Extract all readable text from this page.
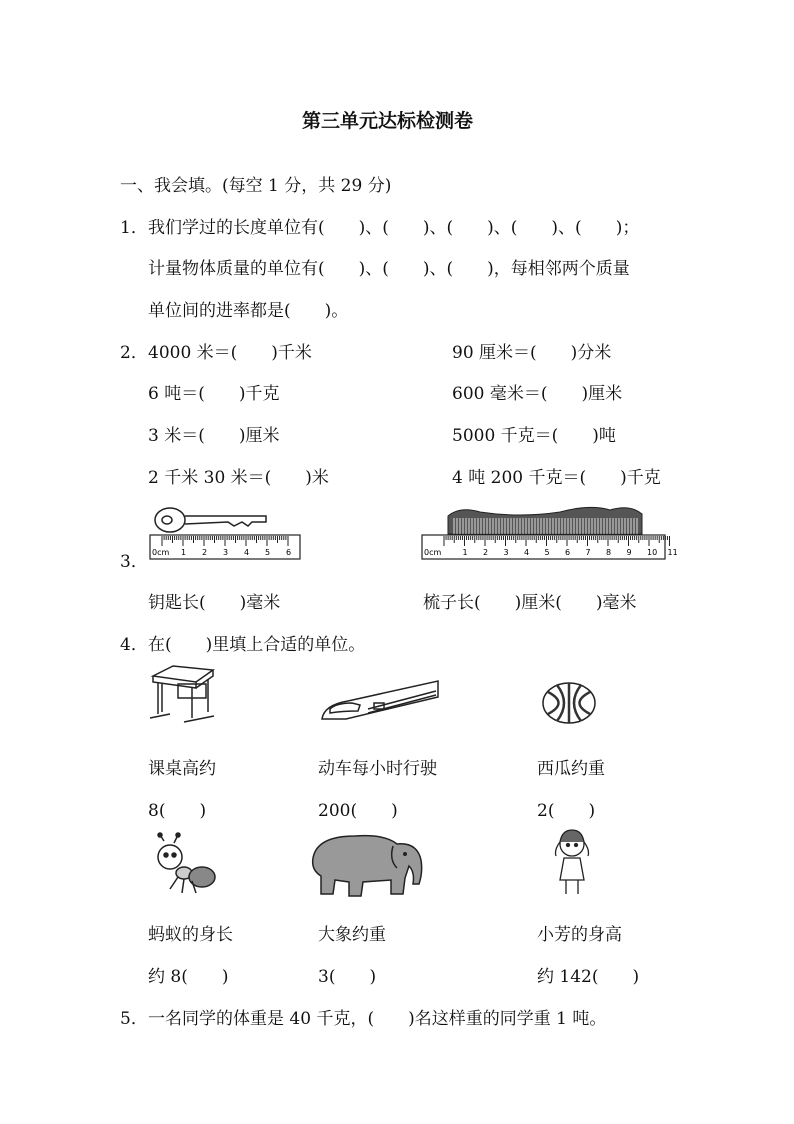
第三单元达标检测卷
一、我会填。(每空 1 分，共 29 分)
1． 我们学过的长度单位有(　　)、(　　)、(　　)、(　　)、(　　)；
计量物体质量的单位有(　　)、(　　)、(　　)，每相邻两个质量
单位间的进率都是(　　)。
2． 4000 米＝(　　)千米	90 厘米＝(　　)分米
6 吨＝(　　)千克	600 毫米＝(　　)厘米
3 米＝(　　)厘米	5000 千克＝(　　)吨
2 千米 30 米＝(　　)米	4 吨 200 千克＝(　　)千克
3． 0cm 1 2 3 4 5 6	0cm	1 2 3 4 5 6 7 8 9 10 11
钥匙长(　　)毫米	梳子长(　　)厘米(　　)毫米
4． 在(　　)里填上合适的单位。
课桌高约	动车每小时行驶	西瓜约重
8(　　)	200(　　)	2(　　)
蚂蚁的身长	大象约重	小芳的身高
约 8(　　)	3(　　)	约 142(　　)
5． 一名同学的体重是 40 千克，(　　)名这样重的同学重 1 吨。
